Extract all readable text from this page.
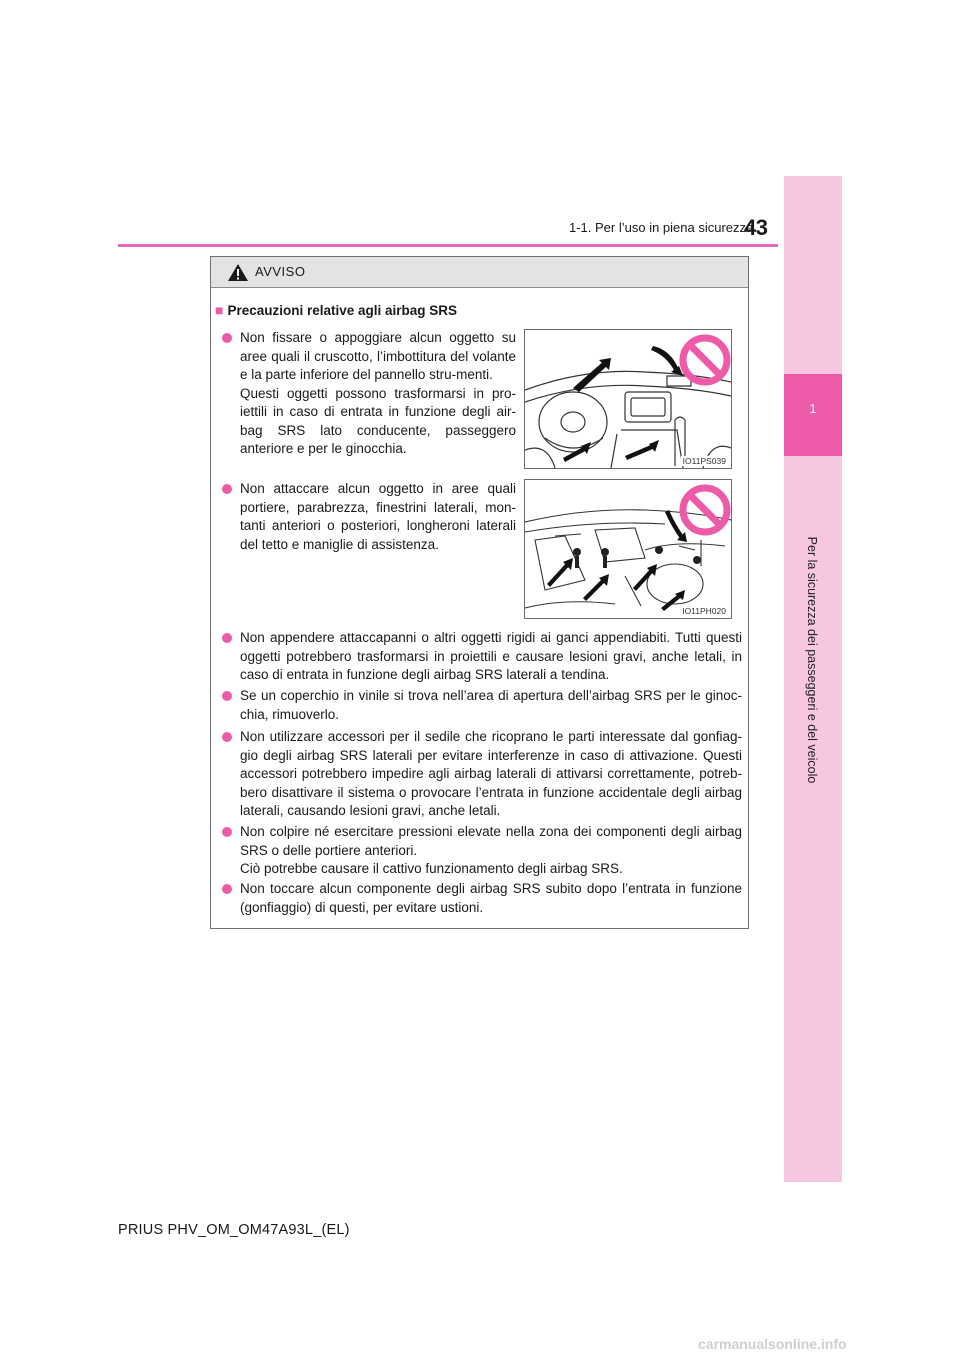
43
1-1. Per l’uso in piena sicurezza
1
Per la sicurezza dei passeggeri e del veicolo
AVVISO
■ Precauzioni relative agli airbag SRS
Non fissare o appoggiare alcun oggetto su aree quali il cruscotto, l’imbottitura del volante e la parte inferiore del pannello stru-menti.
Questi oggetti possono trasformarsi in pro-iettili in caso di entrata in funzione degli air-bag SRS lato conducente, passeggero anteriore e per le ginocchia.
Non attaccare alcun oggetto in aree quali portiere, parabrezza, finestrini laterali, mon-tanti anteriori o posteriori, longheroni laterali del tetto e maniglie di assistenza.
Non appendere attaccapanni o altri oggetti rigidi ai ganci appendiabiti. Tutti questi oggetti potrebbero trasformarsi in proiettili e causare lesioni gravi, anche letali, in caso di entrata in funzione degli airbag SRS laterali a tendina.
Se un coperchio in vinile si trova nell’area di apertura dell’airbag SRS per le ginoc-chia, rimuoverlo.
Non utilizzare accessori per il sedile che ricoprano le parti interessate dal gonfiag-gio degli airbag SRS laterali per evitare interferenze in caso di attivazione. Questi accessori potrebbero impedire agli airbag laterali di attivarsi correttamente, potreb-bero disattivare il sistema o provocare l’entrata in funzione accidentale degli airbag laterali, causando lesioni gravi, anche letali.
Non colpire né esercitare pressioni elevate nella zona dei componenti degli airbag SRS o delle portiere anteriori.
Ciò potrebbe causare il cattivo funzionamento degli airbag SRS.
Non toccare alcun componente degli airbag SRS subito dopo l’entrata in funzione (gonfiaggio) di questi, per evitare ustioni.
IO11PS039
IO11PH020
PRIUS PHV_OM_OM47A93L_(EL)
carmanualsonline.info
